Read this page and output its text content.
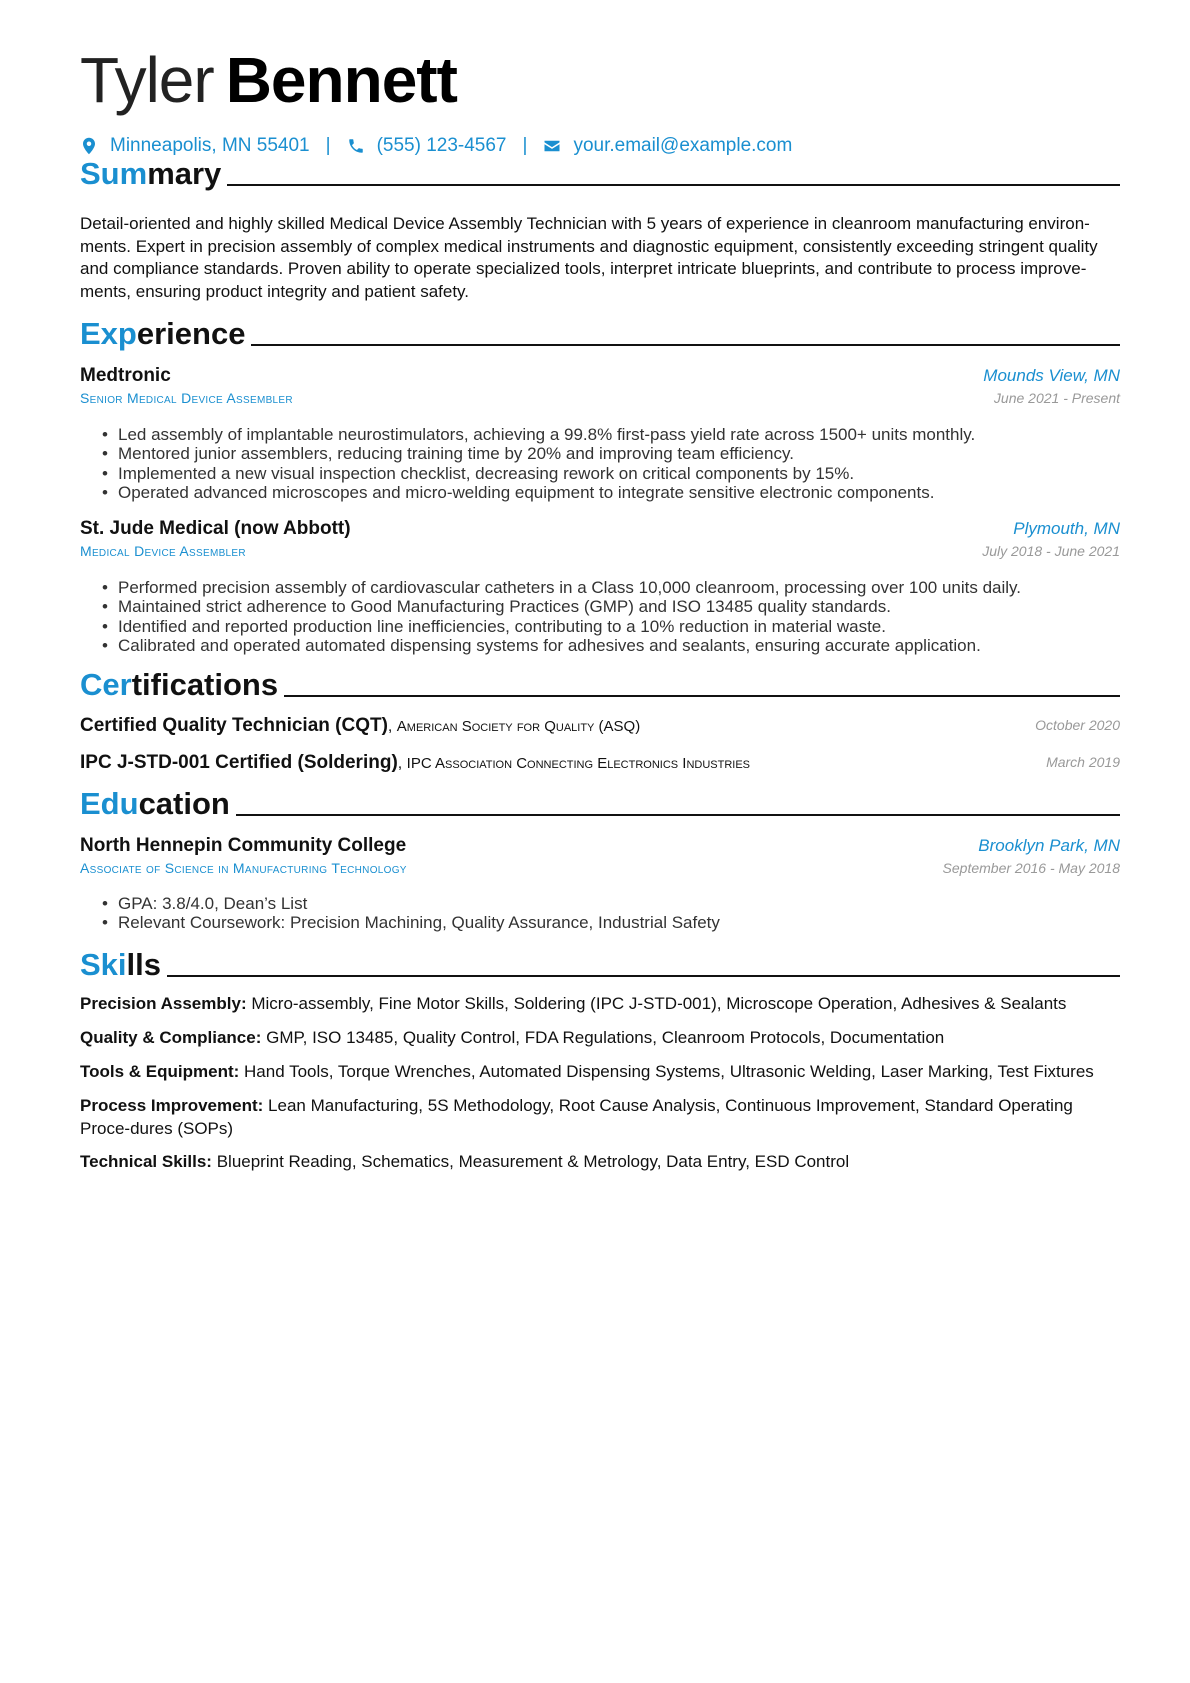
Tyler Bennett
Minneapolis, MN 55401 | (555) 123-4567 | your.email@example.com
Summary
Detail-oriented and highly skilled Medical Device Assembly Technician with 5 years of experience in cleanroom manufacturing environ-ments. Expert in precision assembly of complex medical instruments and diagnostic equipment, consistently exceeding stringent quality and compliance standards. Proven ability to operate specialized tools, interpret intricate blueprints, and contribute to process improve-ments, ensuring product integrity and patient safety.
Experience
Medtronic	Mounds View, MN
Senior Medical Device Assembler	June 2021 - Present
• Led assembly of implantable neurostimulators, achieving a 99.8% first-pass yield rate across 1500+ units monthly.
• Mentored junior assemblers, reducing training time by 20% and improving team efficiency.
• Implemented a new visual inspection checklist, decreasing rework on critical components by 15%.
• Operated advanced microscopes and micro-welding equipment to integrate sensitive electronic components.
St. Jude Medical (now Abbott)	Plymouth, MN
Medical Device Assembler	July 2018 - June 2021
• Performed precision assembly of cardiovascular catheters in a Class 10,000 cleanroom, processing over 100 units daily.
• Maintained strict adherence to Good Manufacturing Practices (GMP) and ISO 13485 quality standards.
• Identified and reported production line inefficiencies, contributing to a 10% reduction in material waste.
• Calibrated and operated automated dispensing systems for adhesives and sealants, ensuring accurate application.
Certifications
Certified Quality Technician (CQT), American Society for Quality (ASQ)	October 2020
IPC J-STD-001 Certified (Soldering), IPC Association Connecting Electronics Industries	March 2019
Education
North Hennepin Community College	Brooklyn Park, MN
Associate of Science in Manufacturing Technology	September 2016 - May 2018
• GPA: 3.8/4.0, Dean’s List
• Relevant Coursework: Precision Machining, Quality Assurance, Industrial Safety
Skills
Precision Assembly: Micro-assembly, Fine Motor Skills, Soldering (IPC J-STD-001), Microscope Operation, Adhesives & Sealants
Quality & Compliance: GMP, ISO 13485, Quality Control, FDA Regulations, Cleanroom Protocols, Documentation
Tools & Equipment: Hand Tools, Torque Wrenches, Automated Dispensing Systems, Ultrasonic Welding, Laser Marking, Test Fixtures
Process Improvement: Lean Manufacturing, 5S Methodology, Root Cause Analysis, Continuous Improvement, Standard Operating Proce-dures (SOPs)
Technical Skills: Blueprint Reading, Schematics, Measurement & Metrology, Data Entry, ESD Control
